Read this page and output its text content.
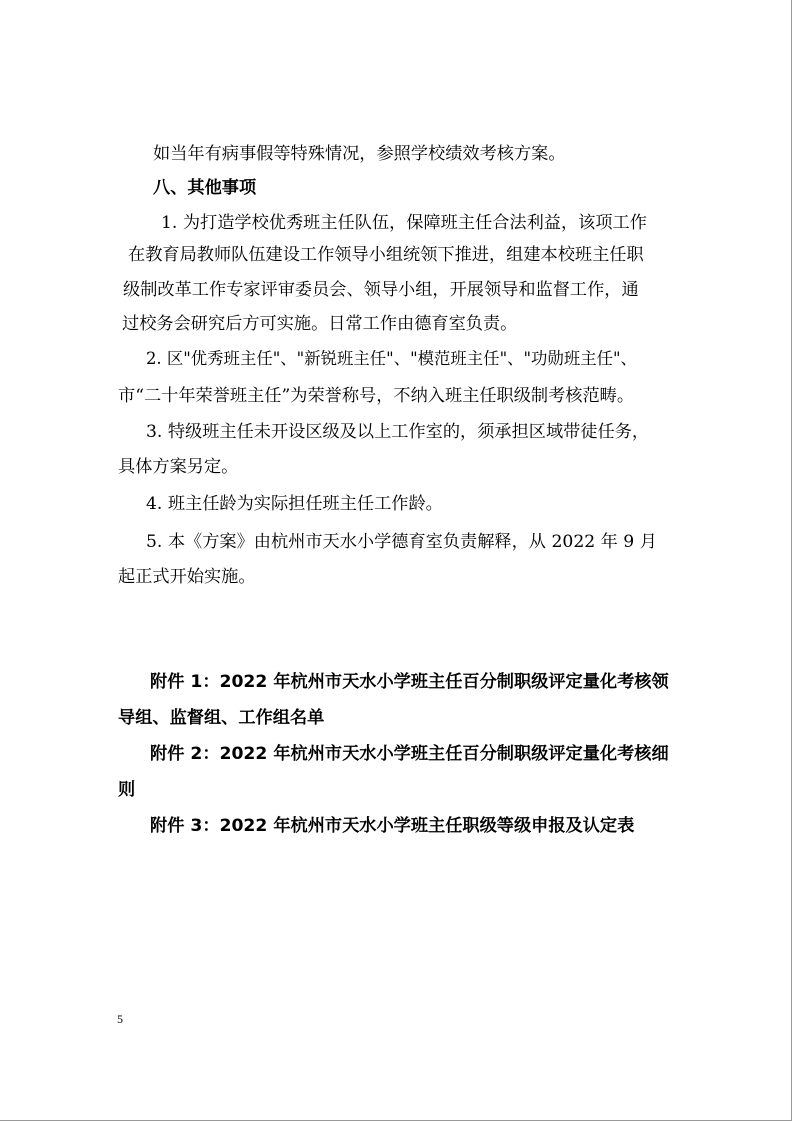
如当年有病事假等特殊情况，参照学校绩效考核方案。
八、其他事项
1. 为打造学校优秀班主任队伍，保障班主任合法利益，该项工作
在教育局教师队伍建设工作领导小组统领下推进，组建本校班主任职
级制改革工作专家评审委员会、领导小组，开展领导和监督工作，通
过校务会研究后方可实施。日常工作由德育室负责。
2. 区"优秀班主任"、"新锐班主任"、"模范班主任"、"功勋班主任"、
市“二十年荣誉班主任”为荣誉称号，不纳入班主任职级制考核范畴。
3. 特级班主任未开设区级及以上工作室的，须承担区域带徒任务，
具体方案另定。
4. 班主任龄为实际担任班主任工作龄。
5. 本《方案》由杭州市天水小学德育室负责解释，从 2022 年 9 月
起正式开始实施。
附件 1：2022 年杭州市天水小学班主任百分制职级评定量化考核领
导组、监督组、工作组名单
附件 2：2022 年杭州市天水小学班主任百分制职级评定量化考核细
则
附件 3：2022 年杭州市天水小学班主任职级等级申报及认定表
5
